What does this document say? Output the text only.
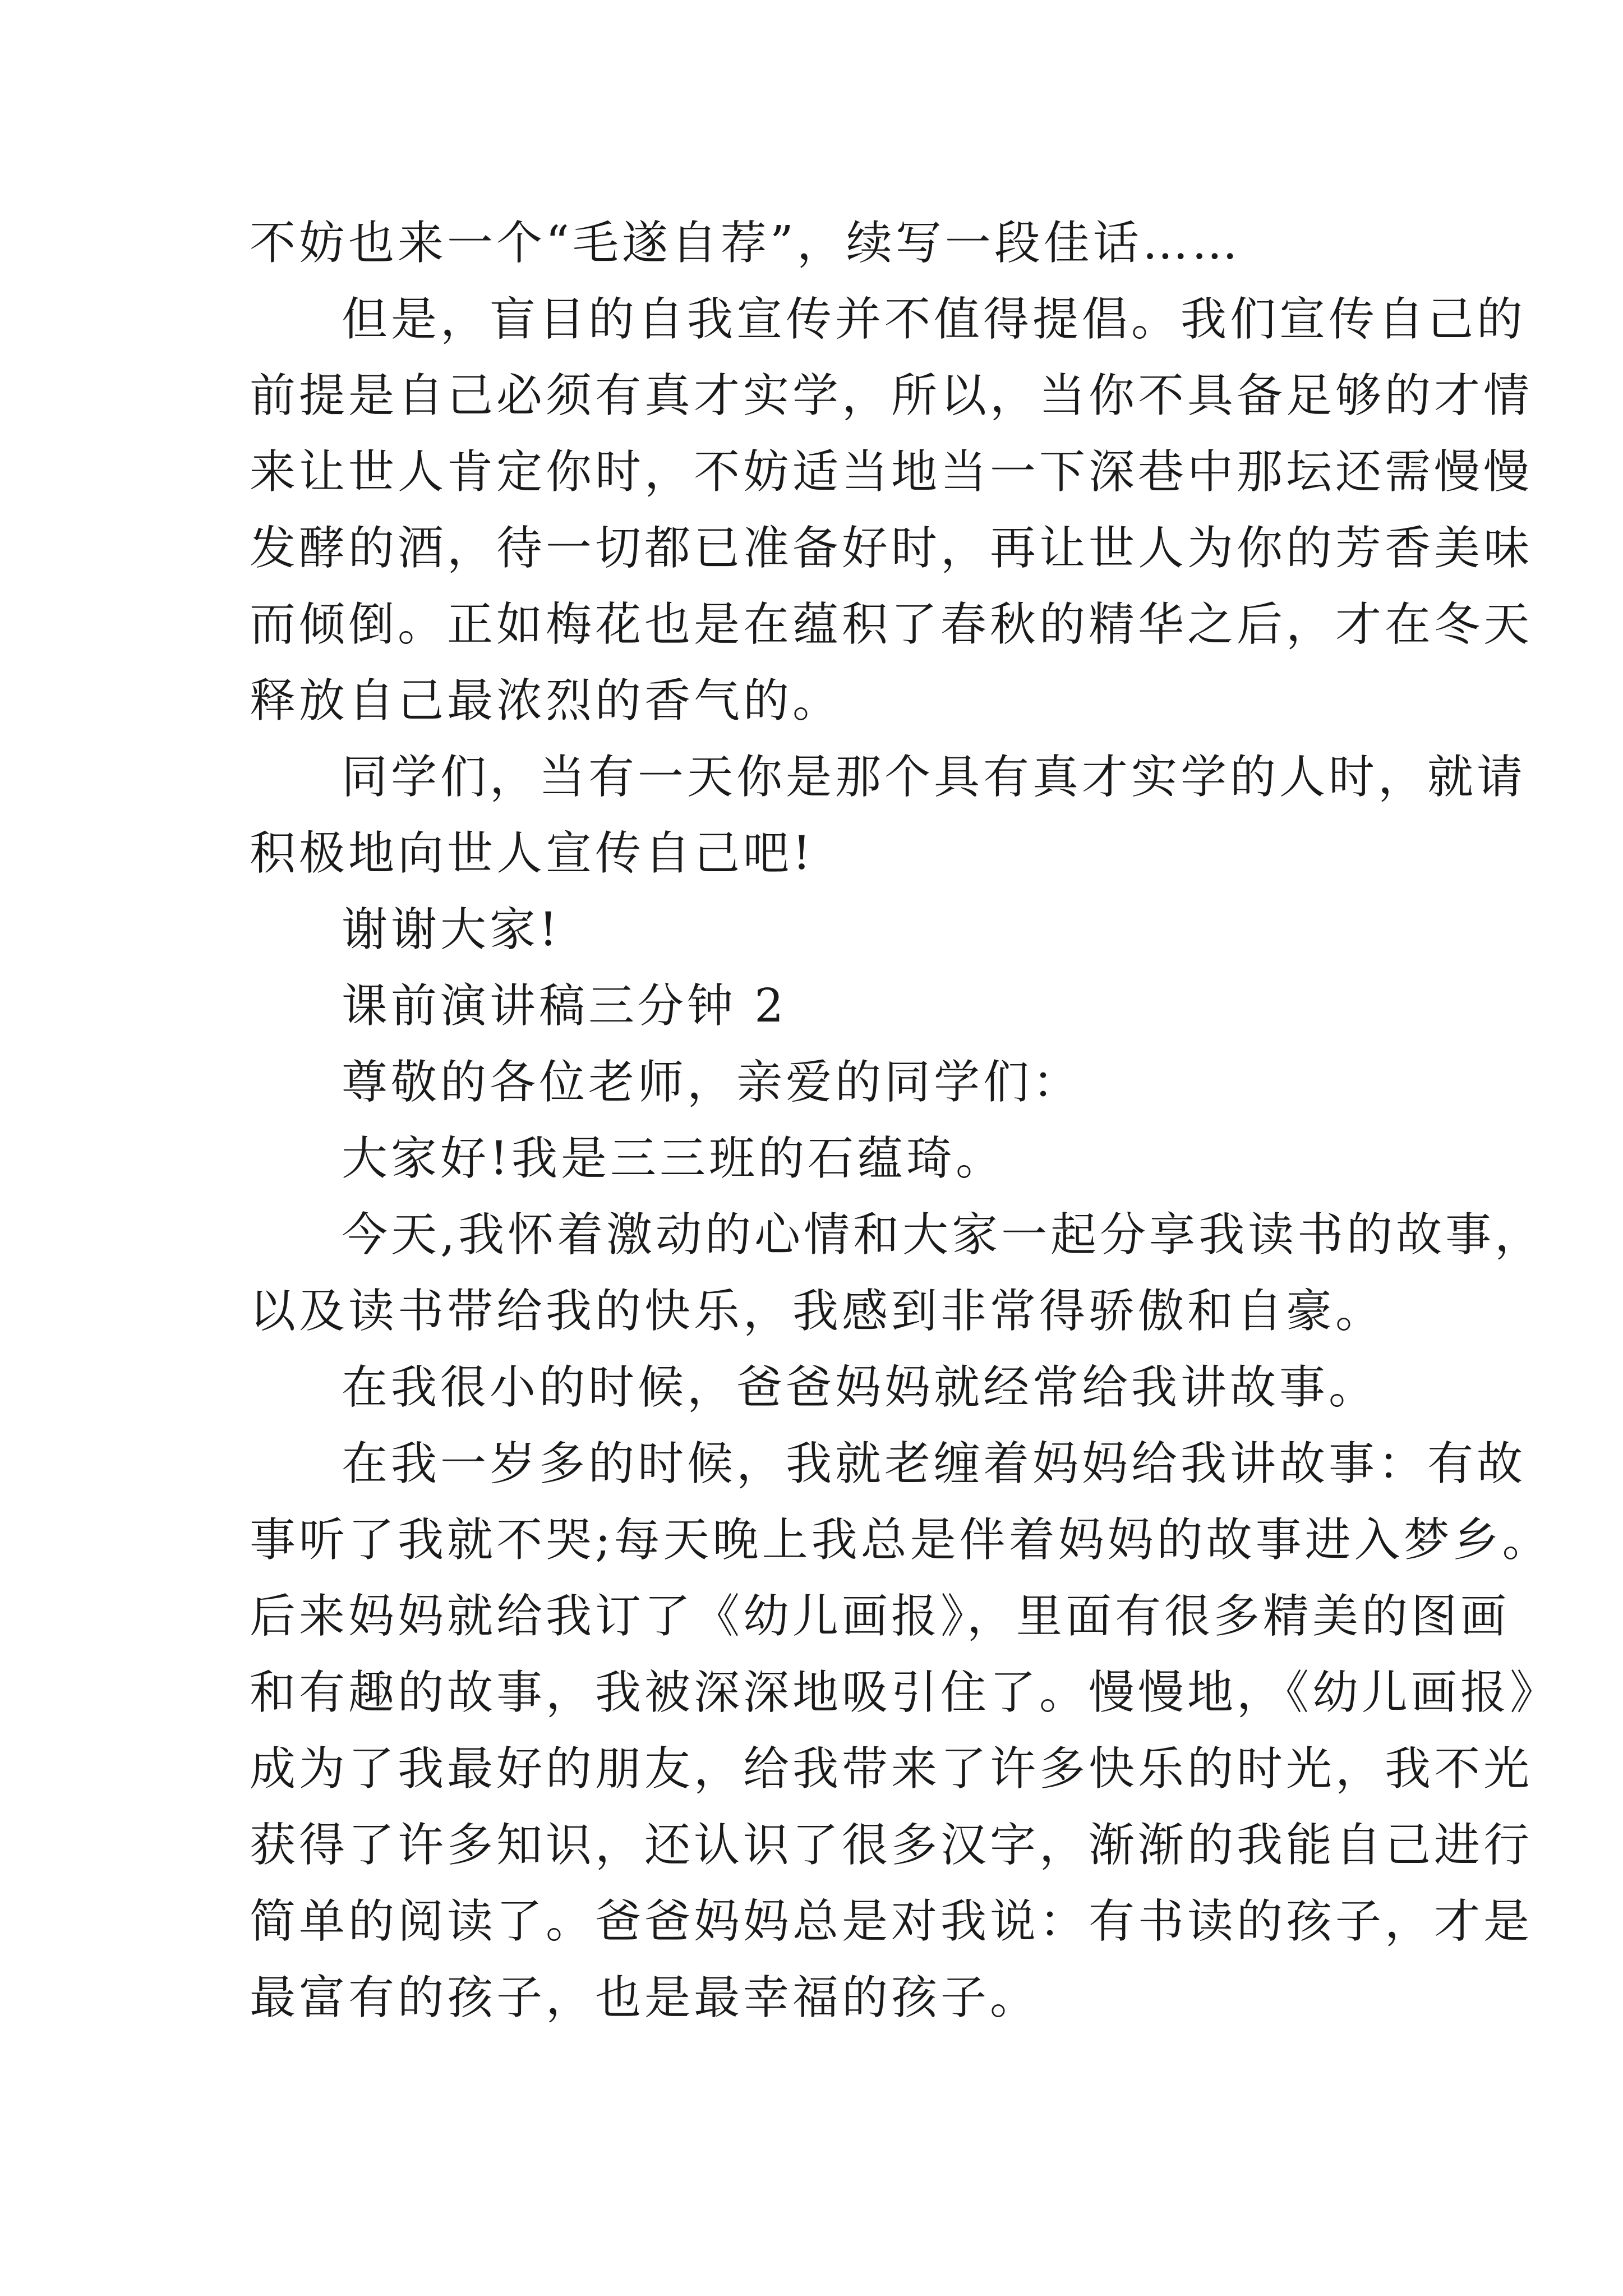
不妨也来一个“毛遂自荐”，续写一段佳话……
但是，盲目的自我宣传并不值得提倡。我们宣传自己的
前提是自己必须有真才实学，所以，当你不具备足够的才情
来让世人肯定你时，不妨适当地当一下深巷中那坛还需慢慢
发酵的酒，待一切都已准备好时，再让世人为你的芳香美味
而倾倒。正如梅花也是在蕴积了春秋的精华之后，才在冬天
释放自己最浓烈的香气的。
同学们，当有一天你是那个具有真才实学的人时，就请
积极地向世人宣传自己吧!
谢谢大家!
课前演讲稿三分钟 2
尊敬的各位老师，亲爱的同学们：
大家好!我是三三班的石蕴琦。
今天,我怀着激动的心情和大家一起分享我读书的故事，
以及读书带给我的快乐，我感到非常得骄傲和自豪。
在我很小的时候，爸爸妈妈就经常给我讲故事。
在我一岁多的时候，我就老缠着妈妈给我讲故事：有故
事听了我就不哭;每天晚上我总是伴着妈妈的故事进入梦乡。
后来妈妈就给我订了《幼儿画报》，里面有很多精美的图画
和有趣的故事，我被深深地吸引住了。慢慢地，《幼儿画报》
成为了我最好的朋友，给我带来了许多快乐的时光，我不光
获得了许多知识，还认识了很多汉字，渐渐的我能自己进行
简单的阅读了。爸爸妈妈总是对我说：有书读的孩子，才是
最富有的孩子，也是最幸福的孩子。
